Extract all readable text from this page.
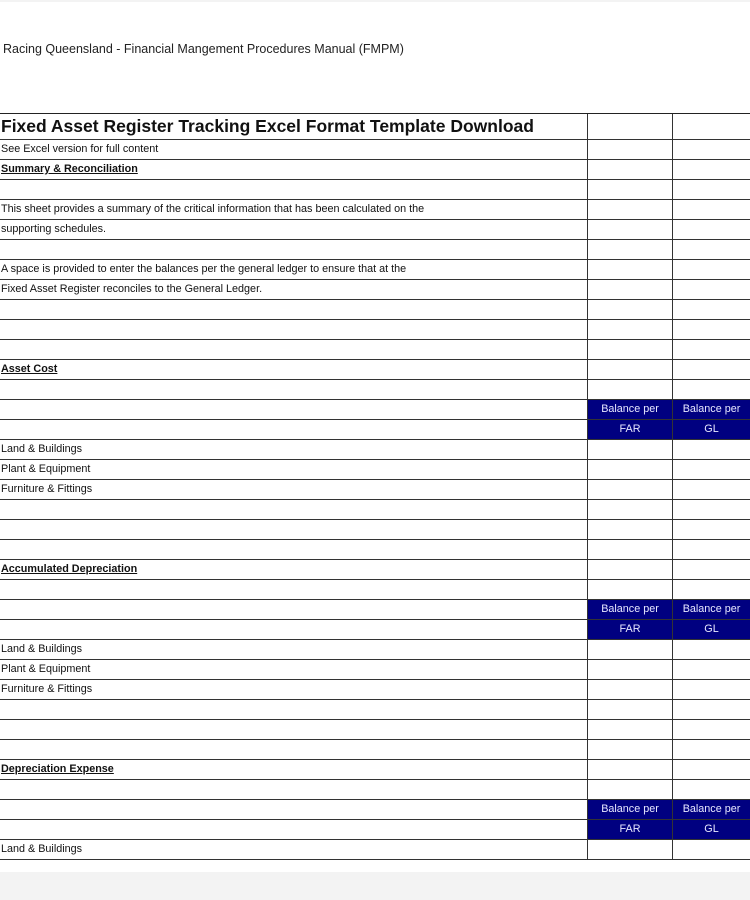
Racing Queensland - Financial Mangement Procedures Manual (FMPM)
Fixed Asset Register Tracking Excel Format Template Download
See Excel version for full content
Summary & Reconciliation
This sheet provides a summary of the critical information that has been calculated on the
supporting schedules.
A space is provided to enter the balances per the general ledger to ensure that at the
Fixed Asset Register reconciles to the General Ledger.
Asset Cost
Balance per	Balance per
FAR	GL
Land & Buildings
Plant & Equipment
Furniture & Fittings
Accumulated Depreciation
Balance per	Balance per
FAR	GL
Land & Buildings
Plant & Equipment
Furniture & Fittings
Depreciation Expense
Balance per	Balance per
FAR	GL
Land & Buildings
